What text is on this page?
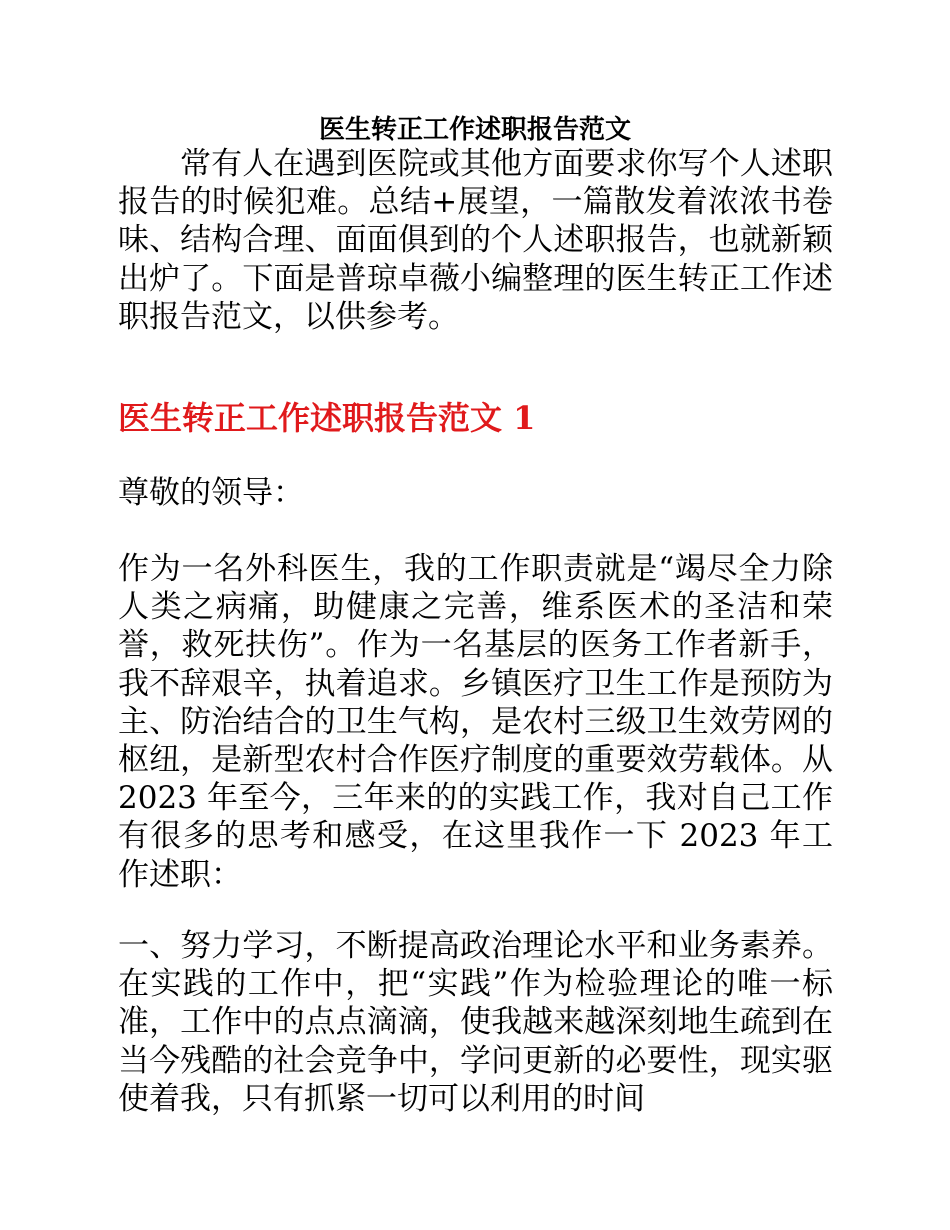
医生转正工作述职报告范文

常有人在遇到医院或其他方面要求你写个人述职报告的时候犯难。总结+展望，一篇散发着浓浓书卷味、结构合理、面面俱到的个人述职报告，也就新颖出炉了。下面是普琼卓薇小编整理的医生转正工作述职报告范文，以供参考。

医生转正工作述职报告范文 1

尊敬的领导：

作为一名外科医生，我的工作职责就是“竭尽全力除人类之病痛，助健康之完善，维系医术的圣洁和荣誉，救死扶伤”。作为一名基层的医务工作者新手，我不辞艰辛，执着追求。乡镇医疗卫生工作是预防为主、防治结合的卫生气构，是农村三级卫生效劳网的枢纽，是新型农村合作医疗制度的重要效劳载体。从 2023 年至今，三年来的的实践工作，我对自己工作有很多的思考和感受，在这里我作一下 2023 年工作述职：

一、努力学习，不断提高政治理论水平和业务素养。在实践的工作中，把“实践”作为检验理论的唯一标准，工作中的点点滴滴，使我越来越深刻地生疏到在当今残酷的社会竞争中，学问更新的必要性，现实驱使着我，只有抓紧一切可以利用的时间
